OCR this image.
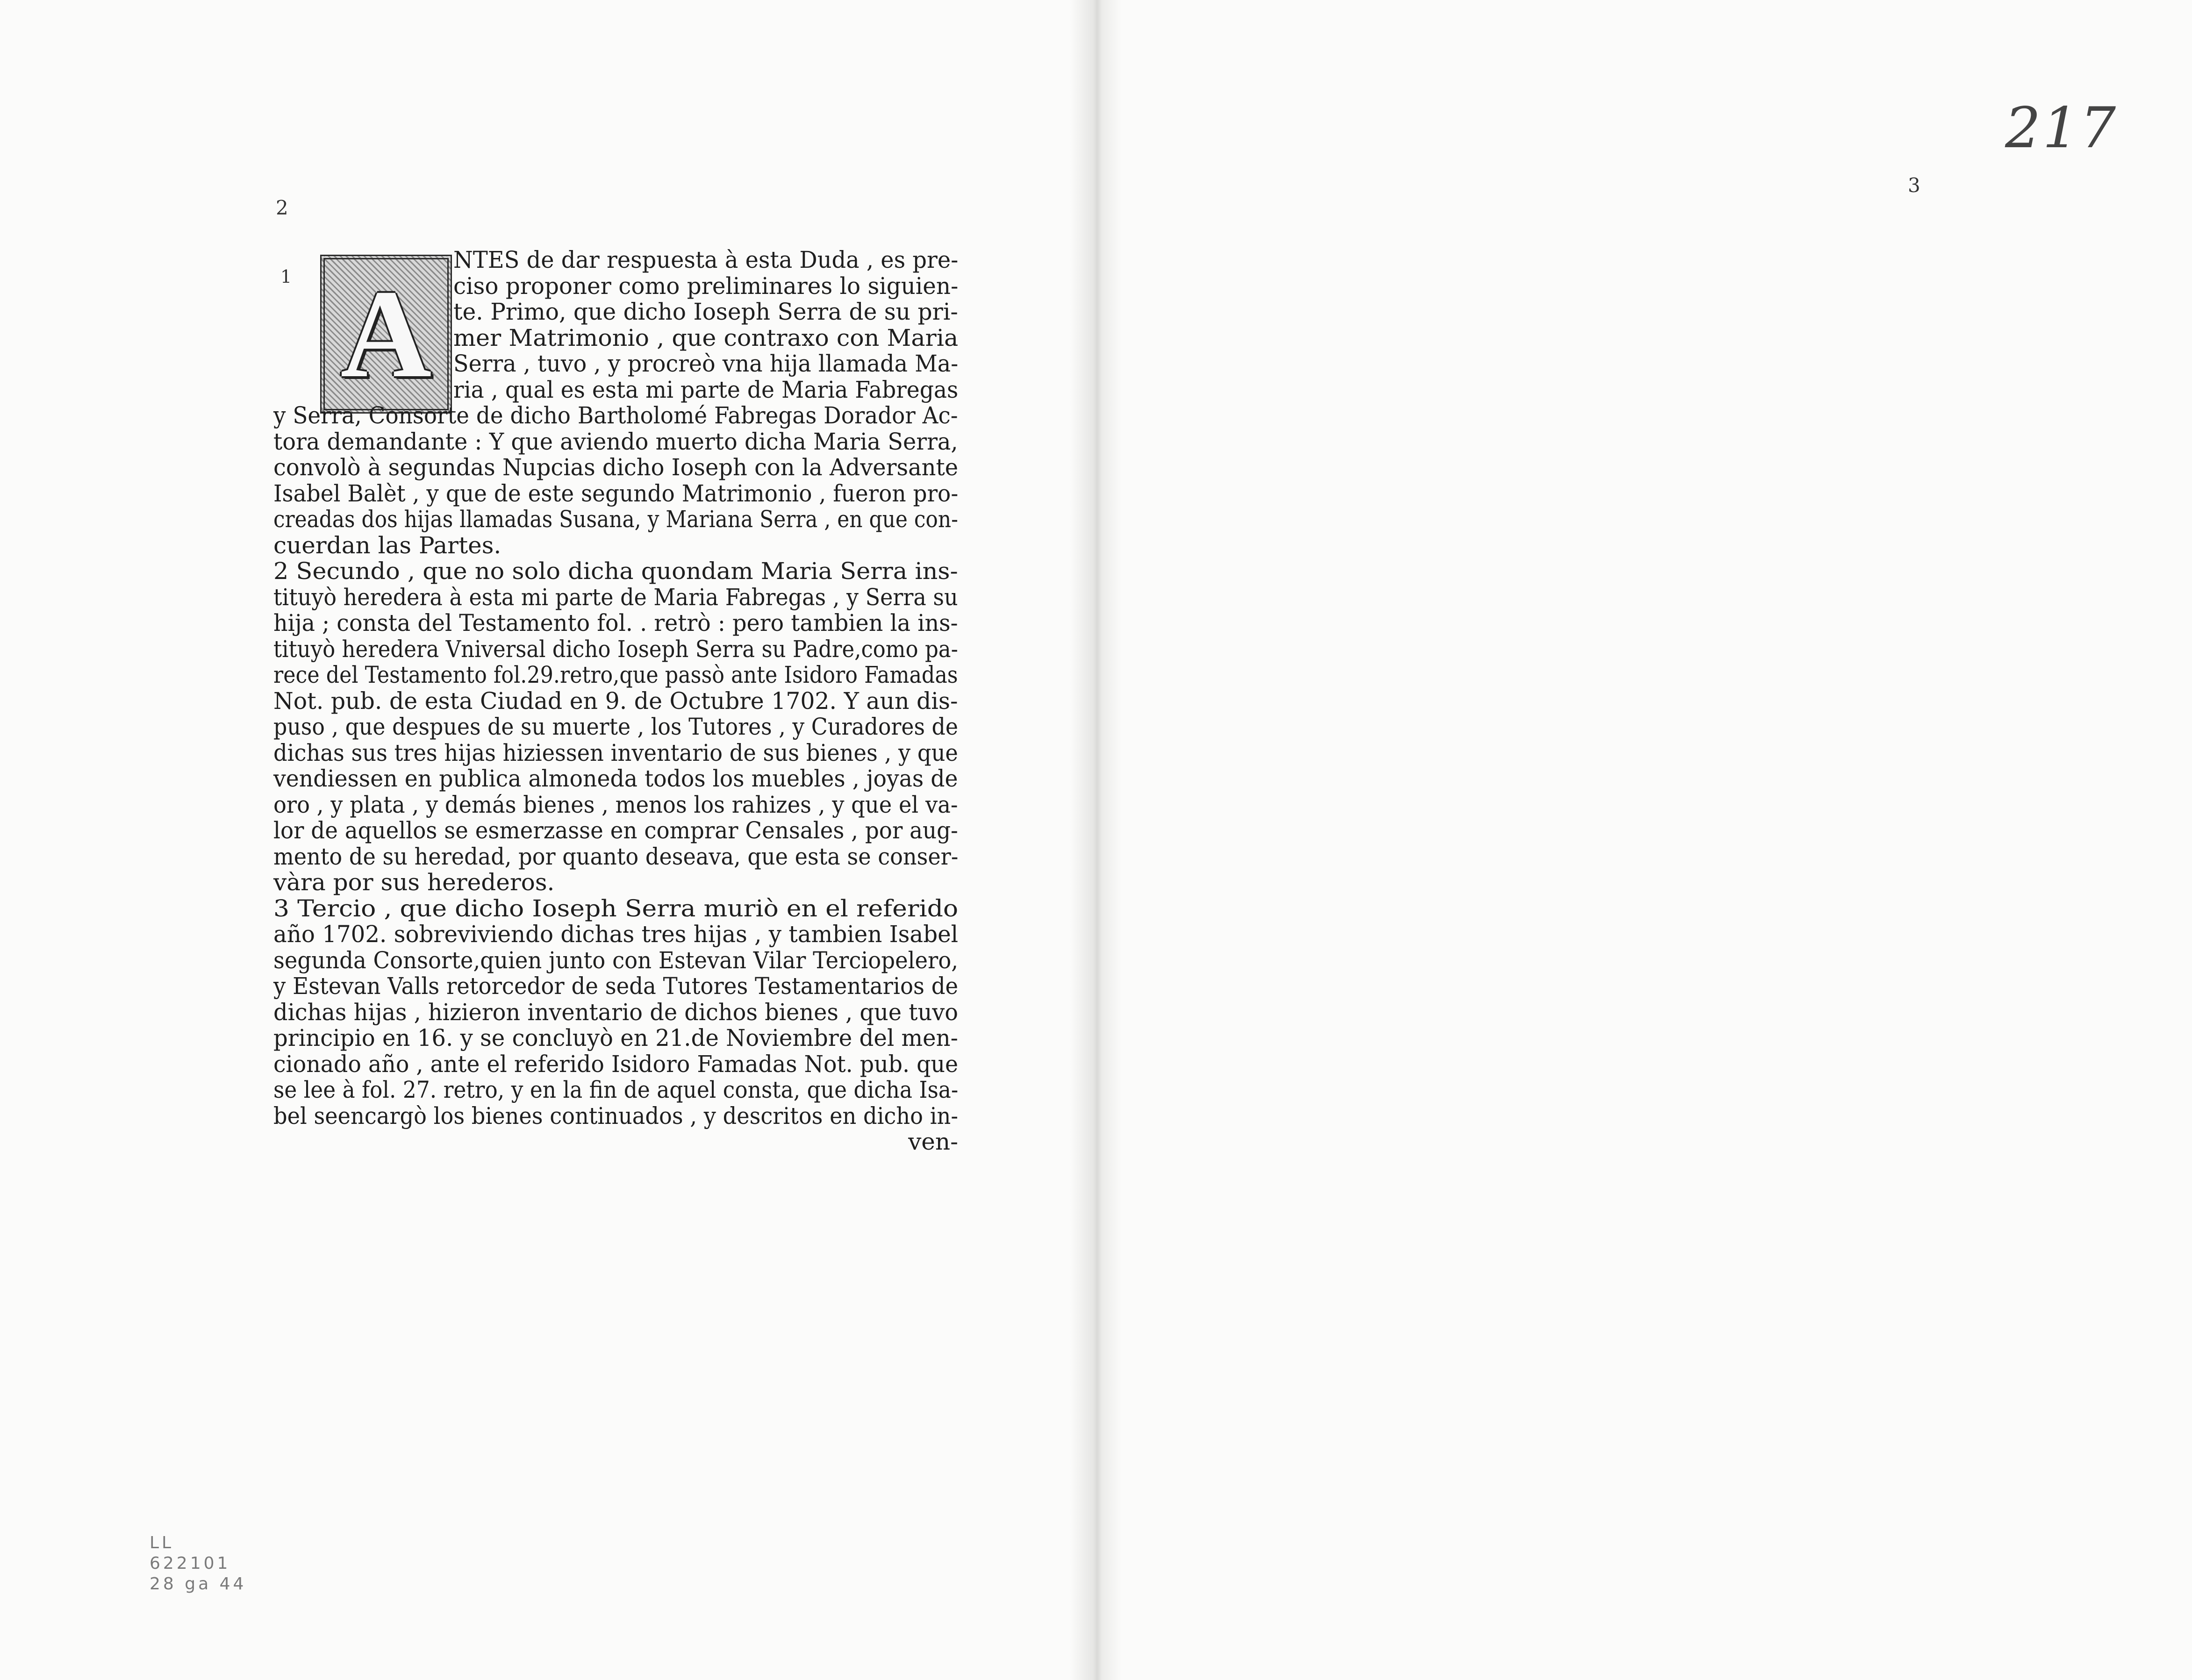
2
A
1
NTES de dar respuesta à esta Duda , es pre-
ciso proponer como preliminares lo siguien-
te. Primo, que dicho Ioseph Serra de su pri-
mer Matrimonio , que contraxo con Maria
Serra , tuvo , y procreò vna hija llamada Ma-
ria , qual es esta mi parte de Maria Fabregas
y Serra, Consorte de dicho Bartholomé Fabregas Dorador Ac-
tora demandante : Y que aviendo muerto dicha Maria Serra,
convolò à segundas Nupcias dicho Ioseph con la Adversante
Isabel Balèt , y que de este segundo Matrimonio , fueron pro-
creadas dos hijas llamadas Susana, y Mariana Serra , en que con-
cuerdan las Partes.
2 Secundo , que no solo dicha quondam Maria Serra ins-
tituyò heredera à esta mi parte de Maria Fabregas , y Serra su
hija ; consta del Testamento fol. . retrò : pero tambien la ins-
tituyò heredera Vniversal dicho Ioseph Serra su Padre,como pa-
rece del Testamento fol.29.retro,que passò ante Isidoro Famadas
Not. pub. de esta Ciudad en 9. de Octubre 1702. Y aun dis-
puso , que despues de su muerte , los Tutores , y Curadores de
dichas sus tres hijas hiziessen inventario de sus bienes , y que
vendiessen en publica almoneda todos los muebles , joyas de
oro , y plata , y demás bienes , menos los rahizes , y que el va-
lor de aquellos se esmerzasse en comprar Censales , por aug-
mento de su heredad, por quanto deseava, que esta se conser-
vàra por sus herederos.
3 Tercio , que dicho Ioseph Serra muriò en el referido
año 1702. sobreviviendo dichas tres hijas , y tambien Isabel
segunda Consorte,quien junto con Estevan Vilar Terciopelero,
y Estevan Valls retorcedor de seda Tutores Testamentarios de
dichas hijas , hizieron inventario de dichos bienes , que tuvo
principio en 16. y se concluyò en 21.de Noviembre del men-
cionado año , ante el referido Isidoro Famadas Not. pub. que
se lee à fol. 27. retro, y en la fin de aquel consta, que dicha Isa-
bel seencargò los bienes continuados , y descritos en dicho in-
ven-
217
3
LL
622101
28 ga 44
